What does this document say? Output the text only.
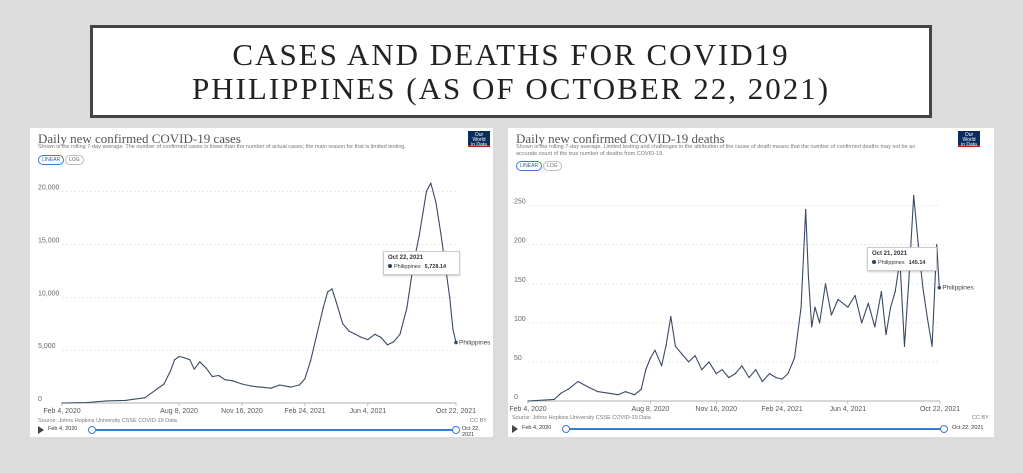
CASES AND DEATHS FOR COVID19
PHILIPPINES (AS OF OCTOBER 22, 2021)
Daily new confirmed COVID-19 cases
Shown is the rolling 7-day average. The number of confirmed cases is lower than the number of actual cases; the main reason for that is limited testing.
Our World
in Data
LINEAR LOG
0
5,000
10,000
15,000
20,000
Feb 4, 2020	Aug 8, 2020	Nov 16, 2020	Feb 24, 2021	Jun 4, 2021	Oct 22, 2021
Philippines
Oct 22, 2021
Philippines 5,728.14
Source: Johns Hopkins University CSSE COVID-19 Data	CC BY
Feb 4, 2020	Oct 22, 2021
Daily new confirmed COVID-19 deaths
Shown is the rolling 7-day average. Limited testing and challenges in the attribution of the cause of death means that the number of confirmed deaths may not be an accurate count of the true number of deaths from COVID-19.
Our World
in Data
LINEAR LOG
0
50
100
150
200
250
Feb 4, 2020	Aug 8, 2020	Nov 16, 2020	Feb 24, 2021	Jun 4, 2021	Oct 22, 2021
Philippines
Oct 21, 2021
Philippines 145.14
Source: Johns Hopkins University CSSE COVID-19 Data	CC BY
Feb 4, 2020	Oct 22, 2021
